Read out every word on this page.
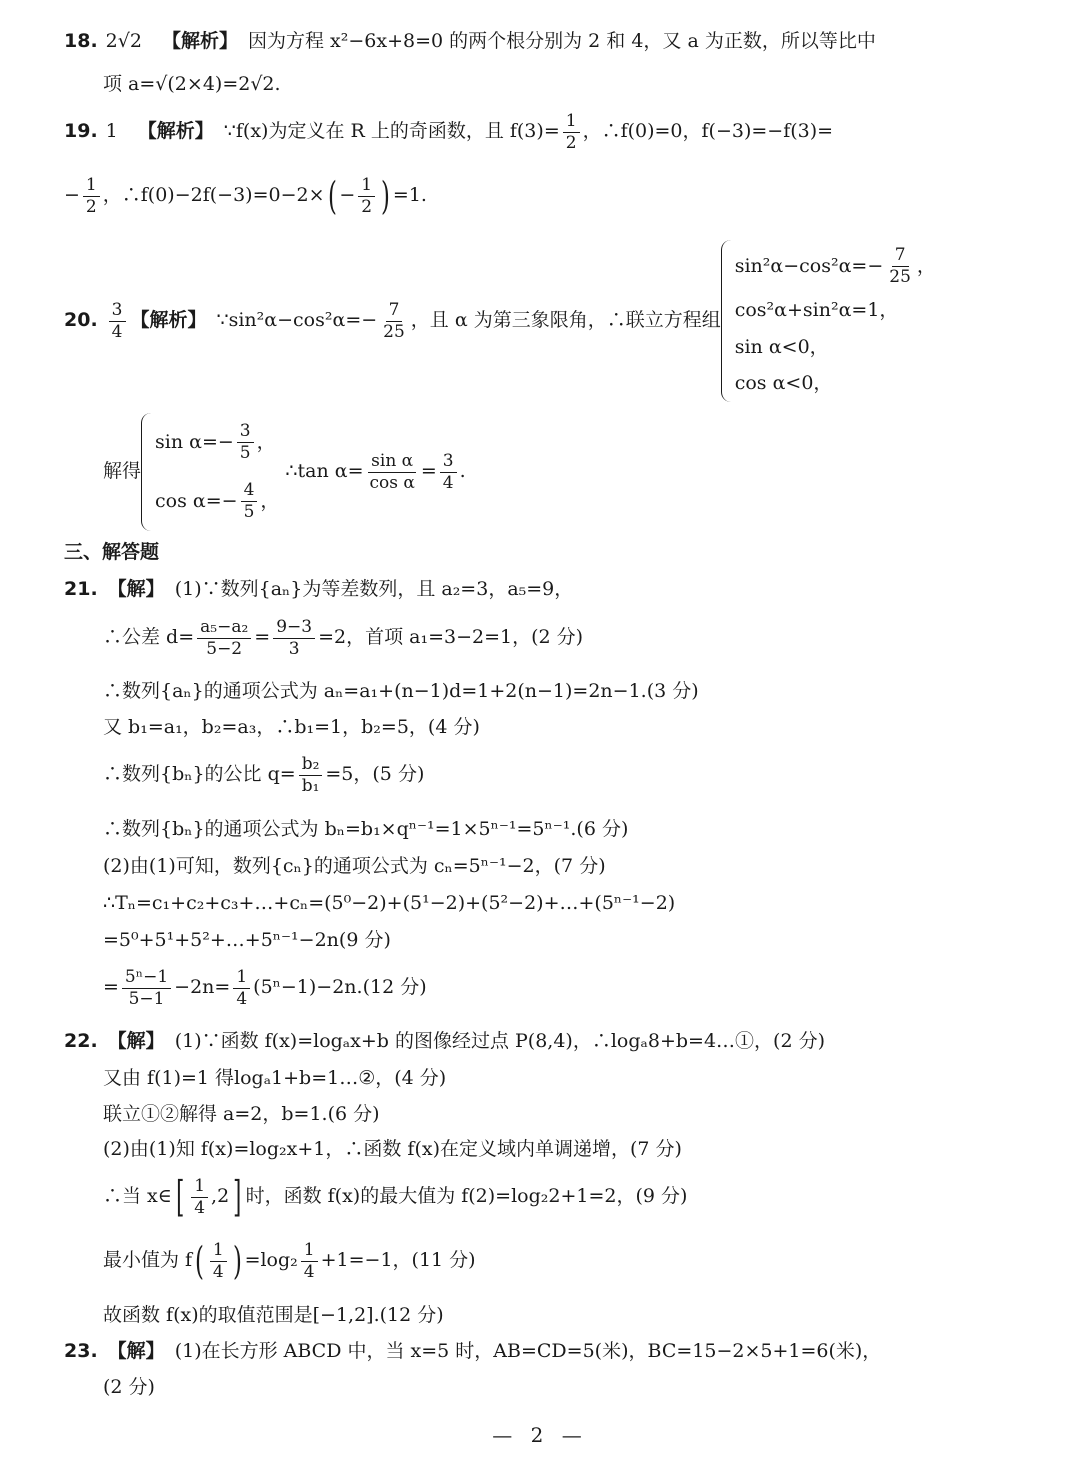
18. 2√2 【解析】 因为方程 x²−6x+8=0 的两个根分别为 2 和 4，又 a 为正数，所以等比中
项 a=√(2×4)=2√2.
19. 1 【解析】 ∵f(x)为定义在 R 上的奇函数，且 $f(3)= \frac{1}{2}$ ，∴f(0)=0，f(−3)=−f(3)=
− $\frac{1}{2}$ ，∴f(0)−2f(−3)=0−2× ( − $\frac{1}{2}$ ) =1.
20. $\frac{3}{4}$ 【解析】 ∵sin²α−cos²α=− $\frac{7}{25}$ ，且 α 为第三象限角，∴联立方程组
$\sin^2\alpha-\cos^2\alpha=- \frac{7}{25}$ ，
cos²α+sin²α=1，
sin α<0，
cos α<0，
解得
$\sin \alpha=- \frac{3}{5}$ ，
$\cos \alpha=- \frac{4}{5}$ ，
∴tan $\alpha= \frac{\text{sin α}}{\text{cos α}} = \frac{3}{4}$ .
三、解答题
21. 【解】 (1)∵数列{aₙ}为等差数列，且 a₂=3，a₅=9，
∴公差 $d= \frac{\text{a₅−a₂}}{5-2} = \frac{9-3}{3} =2$，首项 a₁=3−2=1，(2 分)
∴数列{aₙ}的通项公式为 aₙ=a₁+(n−1)d=1+2(n−1)=2n−1.(3 分)
又 b₁=a₁，b₂=a₃，∴b₁=1，b₂=5，(4 分)
∴数列{bₙ}的公比 $q= \frac{\text{b₂}}{\text{b₁}} =5$，(5 分)
∴数列{bₙ}的通项公式为 bₙ=b₁×qⁿ⁻¹=1×5ⁿ⁻¹=5ⁿ⁻¹.(6 分)
(2)由(1)可知，数列{cₙ}的通项公式为 cₙ=5ⁿ⁻¹−2，(7 分)
∴Tₙ=c₁+c₂+c₃+…+cₙ=(5⁰−2)+(5¹−2)+(5²−2)+…+(5ⁿ⁻¹−2)
=5⁰+5¹+5²+…+5ⁿ⁻¹−2n(9 分)
= $\frac{\text{5ⁿ−1}}{5-1} -2n= \frac{1}{4} (5^n-1)-2n.(12$ 分)
22. 【解】 (1)∵函数 f(x)=logₐx+b 的图像经过点 P(8,4)，∴logₐ8+b=4…①，(2 分)
又由 f(1)=1 得logₐ1+b=1…②，(4 分)
联立①②解得 a=2，b=1.(6 分)
(2)由(1)知 f(x)=log₂x+1，∴函数 f(x)在定义域内单调递增，(7 分)
∴当 x∈ [ $\frac{1}{4} ,2$ ] 时，函数 f(x)的最大值为 f(2)=log₂2+1=2，(9 分)
最小值为 f ( $\frac{1}{4}$ ) $=\log_2 \frac{1}{4} +1=-1$，(11 分)
故函数 f(x)的取值范围是[−1,2].(12 分)
23. 【解】 (1)在长方形 ABCD 中，当 x=5 时，AB=CD=5(米)，BC=15−2×5+1=6(米)，
(2 分)
— 2 —
